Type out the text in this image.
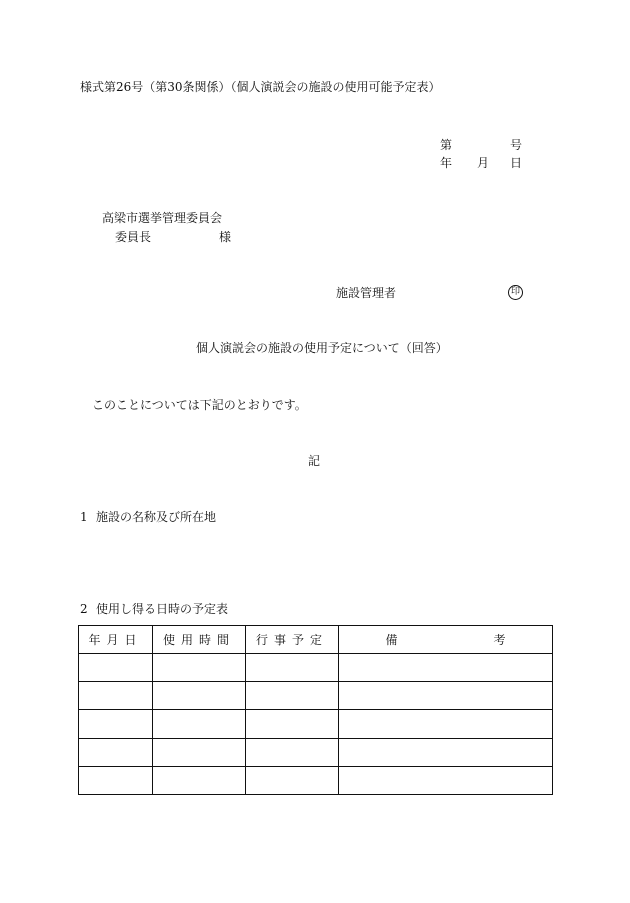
様式第26号（第30条関係）（個人演説会の施設の使用可能予定表）
第	号
年 月 日
高梁市選挙管理委員会
委員長	様
施設管理者	印
個人演説会の施設の使用予定について（回答）
このことについては下記のとおりです。
記
1 施設の名称及び所在地
2 使用し得る日時の予定表
年月日	使用時間	行事予定	備 考
